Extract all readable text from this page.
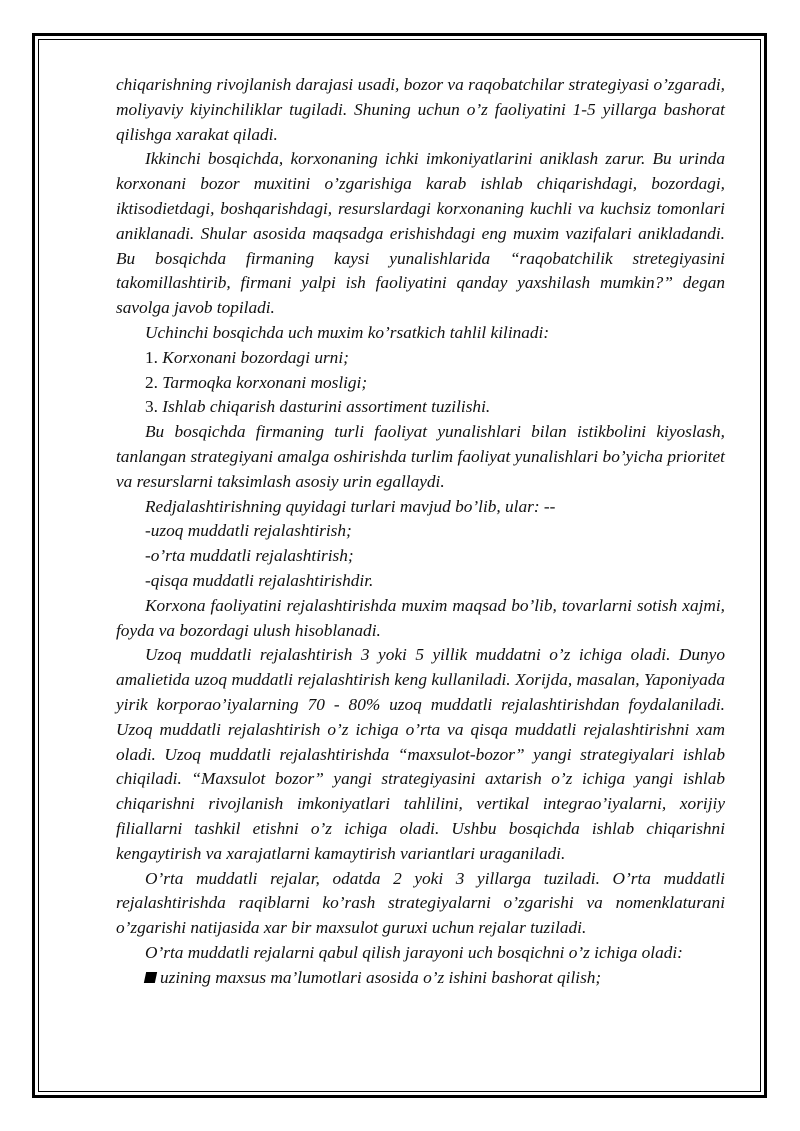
chiqarishning rivojlanish darajasi usadi, bozor va raqobatchilar strategiyasi o’zgaradi, moliyaviy kiyinchiliklar tugiladi. Shuning uchun o’z faoliyatini 1-5 yillarga bashorat qilishga xarakat qiladi.

Ikkinchi bosqichda, korxonaning ichki imkoniyatlarini aniklash zarur. Bu urinda korxonani bozor muxitini o’zgarishiga karab ishlab chiqarishdagi, bozordagi, iktisodietdagi, boshqarishdagi, resurslardagi korxonaning kuchli va kuchsiz tomonlari aniklanadi. Shular asosida maqsadga erishishdagi eng muxim vazifalari anikladandi. Bu bosqichda firmaning kaysi yunalishlarida “raqobatchilik stretegiyasini takomillashtirib, firmani yalpi ish faoliyatini qanday yaxshilash mumkin?” degan savolga javob topiladi.

Uchinchi bosqichda uch muxim ko’rsatkich tahlil kilinadi:

1. Korxonani bozordagi urni;

2. Tarmoqka korxonani mosligi;

3. Ishlab chiqarish dasturini assortiment tuzilishi.

Bu bosqichda firmaning turli faoliyat yunalishlari bilan istikbolini kiyoslash, tanlangan strategiyani amalga oshirishda turlim faoliyat yunalishlari bo’yicha prioritet va resurslarni taksimlash asosiy urin egallaydi.

Redjalashtirishning quyidagi turlari mavjud bo’lib, ular: --

-uzoq muddatli rejalashtirish;

-o’rta muddatli rejalashtirish;

-qisqa muddatli rejalashtirishdir.

Korxona faoliyatini rejalashtirishda muxim maqsad bo’lib, tovarlarni sotish xajmi, foyda va bozordagi ulush hisoblanadi.

Uzoq muddatli rejalashtirish 3 yoki 5 yillik muddatni o’z ichiga oladi. Dunyo amalietida uzoq muddatli rejalashtirish keng kullaniladi. Xorijda, masalan, Yaponiyada yirik korporao’iyalarning 70 - 80% uzoq muddatli rejalashtirishdan foydalaniladi. Uzoq muddatli rejalashtirish o’z ichiga o’rta va qisqa muddatli rejalashtirishni xam oladi. Uzoq muddatli rejalashtirishda “maxsulot-bozor” yangi strategiyalari ishlab chiqiladi. “Maxsulot bozor” yangi strategiyasini axtarish o’z ichiga yangi ishlab chiqarishni rivojlanish imkoniyatlari tahlilini, vertikal integrao’iyalarni, xorijiy filiallarni tashkil etishni o’z ichiga oladi. Ushbu bosqichda ishlab chiqarishni kengaytirish va xarajatlarni kamaytirish variantlari uraganiladi.

O’rta muddatli rejalar, odatda 2 yoki 3 yillarga tuziladi. O’rta muddatli rejalashtirishda raqiblarni ko’rash strategiyalarni o’zgarishi va nomenklaturani o’zgarishi natijasida xar bir maxsulot guruxi uchun rejalar tuziladi.

O’rta muddatli rejalarni qabul qilish jarayoni uch bosqichni o’z ichiga oladi:

uzining maxsus ma’lumotlari asosida o’z ishini bashorat qilish;
